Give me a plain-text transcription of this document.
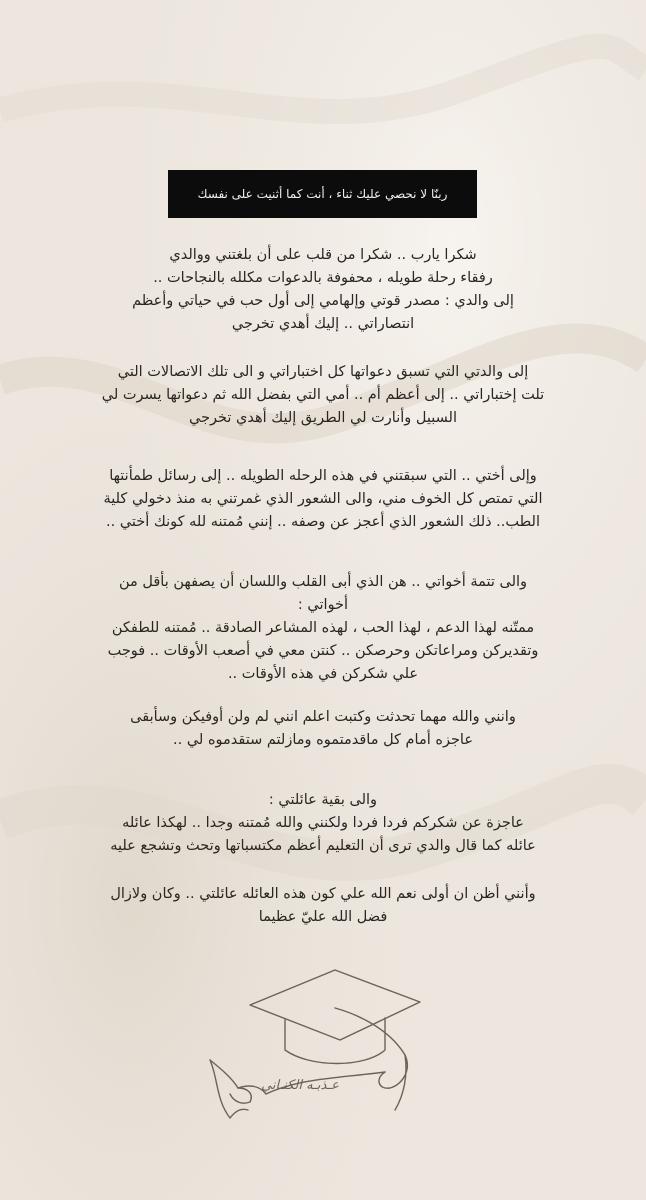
ربنّا لا نحصي عليك ثناء ، أنت كما أثنيت على نفسك

شكرا يارب .. شكرا من قلب على أن بلغتني ووالدي

رفقاء رحلة طويله ، محفوفة بالدعوات مكلله بالنجاحات ..

إلى والدي : مصدر قوتي وإلهامي إلى أول حب في حياتي وأعظم

انتصاراتي .. إليك أهدي تخرجي

إلى والدتي التي تسبق دعواتها كل اختباراتي و الى تلك الاتصالات التي

تلت إختباراتي .. إلى أعظم أم .. أمي التي بفضل الله ثم دعواتها يسرت لي

السبيل وأنارت لي الطريق إليك أهدي تخرجي

وإلى أختي .. التي سبقتني في هذه الرحله الطويله .. إلى رسائل طمأنتها

التي تمتص كل الخوف مني، والى الشعور الذي غمرتني به منذ دخولي كلية

الطب.. ذلك الشعور الذي أعجز عن وصفه .. إنني مُمتنه لله كونك أختي ..

والى تتمة أخواتي .. هن الذي أبى القلب واللسان أن يصفهن بأقل من

أخواتي :

ممتّنه لهذا الدعم ، لهذا الحب ، لهذه المشاعر الصادقة .. مُمتنه للطفكن

وتقديركن ومراعاتكن وحرصكن .. كنتن معي في أصعب الأوقات .. فوجب

علي شكركن في هذه الأوقات ..

وانني والله مهما تحدثت وكتبت اعلم انني لم ولن أوفيكن وسأبقى

عاجزه أمام كل ماقدمتموه ومازلتم ستقدموه لي ..

والى بقية عائلتي :

عاجزة عن شكركم فردا فردا ولكنني والله مُمتنه وجدا .. لهكذا عائله

عائله كما قال والدي ترى أن التعليم أعظم مكتسباتها وتحث وتشجع عليه

وأنني أظن ان أولى نعم الله علي كون هذه العائله عائلتي .. وكان ولازال

فضل الله عليّ عظيما

عـذبـه الكنـاني
